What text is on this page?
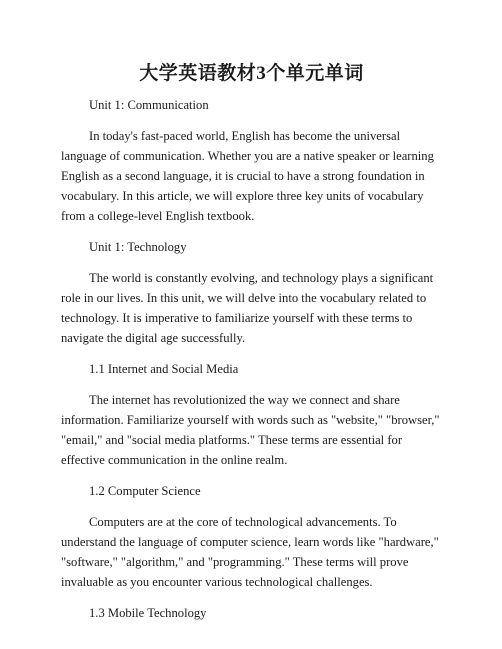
大学英语教材3个单元单词

Unit 1: Communication

In today's fast-paced world, English has become the universal language of communication. Whether you are a native speaker or learning English as a second language, it is crucial to have a strong foundation in vocabulary. In this article, we will explore three key units of vocabulary from a college-level English textbook.

Unit 1: Technology

The world is constantly evolving, and technology plays a significant role in our lives. In this unit, we will delve into the vocabulary related to technology. It is imperative to familiarize yourself with these terms to navigate the digital age successfully.

1.1 Internet and Social Media

The internet has revolutionized the way we connect and share information. Familiarize yourself with words such as "website," "browser," "email," and "social media platforms." These terms are essential for effective communication in the online realm.

1.2 Computer Science

Computers are at the core of technological advancements. To understand the language of computer science, learn words like "hardware," "software," "algorithm," and "programming." These terms will prove invaluable as you encounter various technological challenges.

1.3 Mobile Technology
